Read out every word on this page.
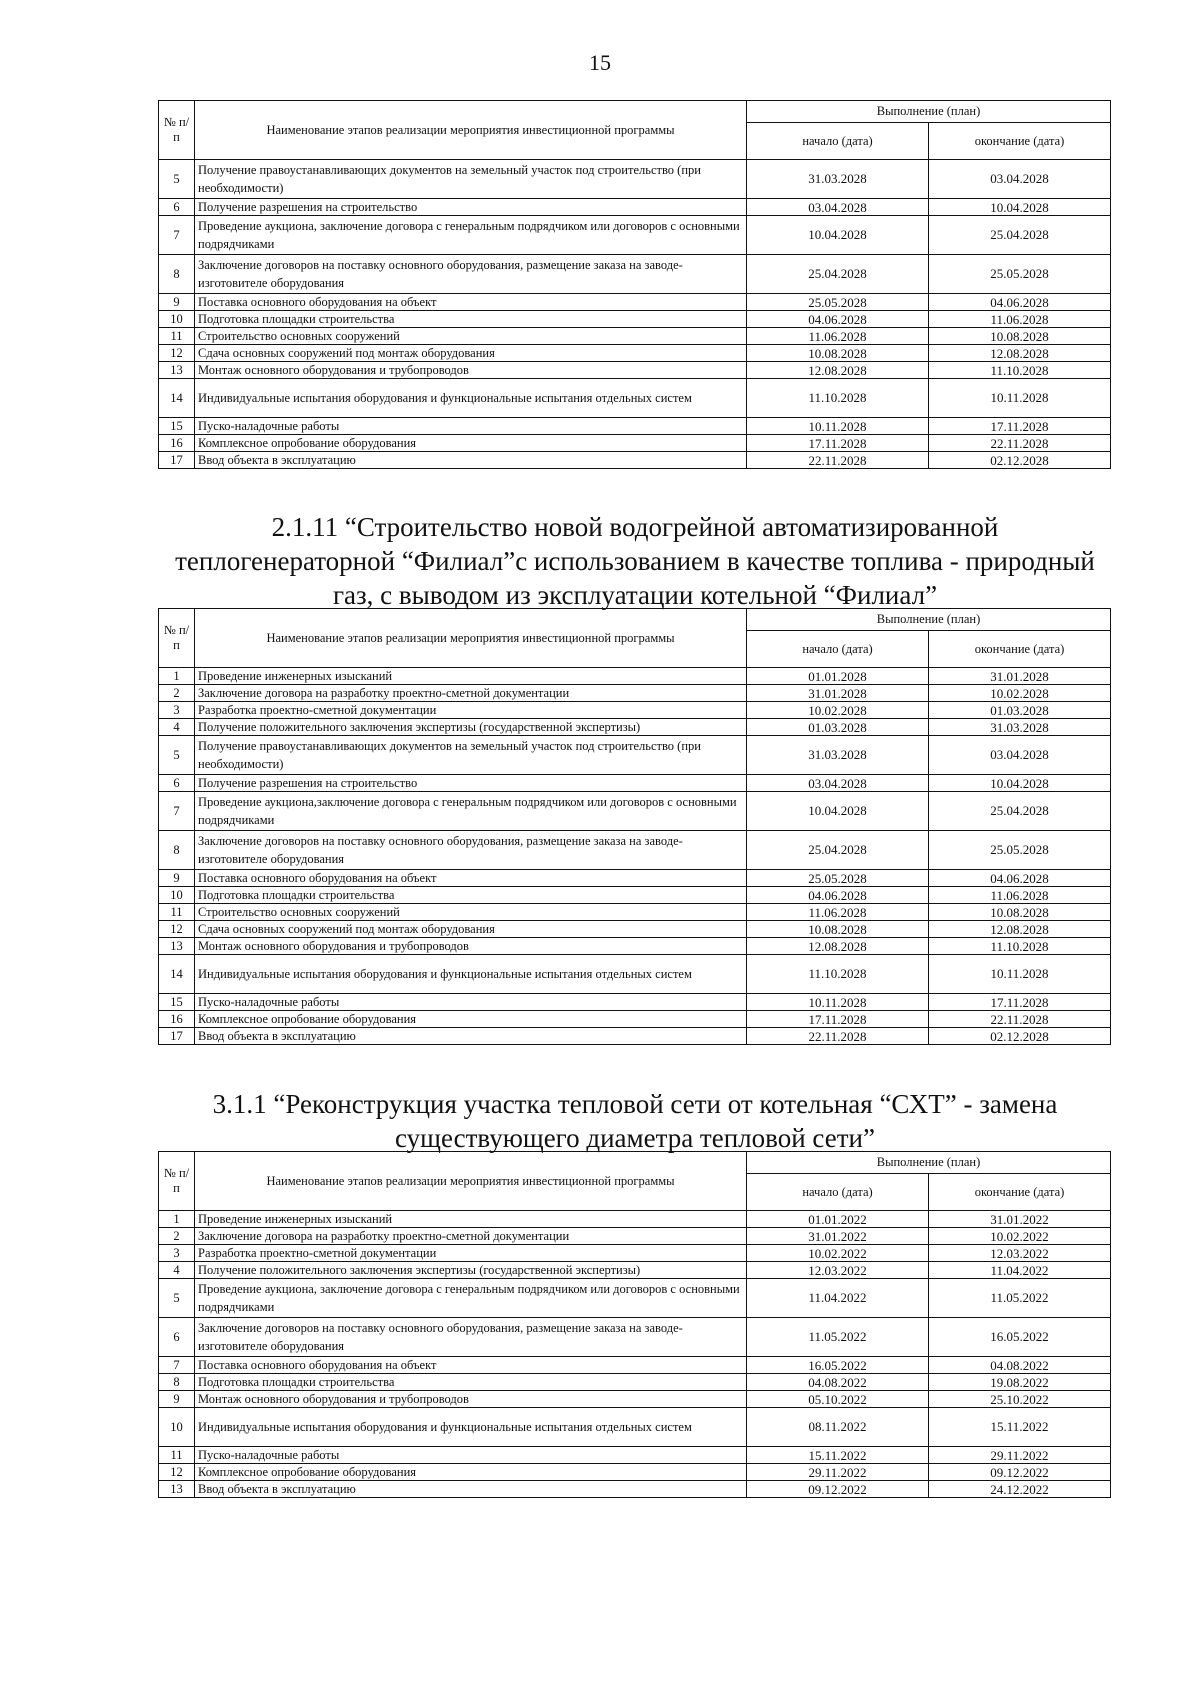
15
№ п/п	Наименование этапов реализации мероприятия инвестиционной программы	Выполнение (план)	
		начало (дата)	окончание (дата)
5	Получение правоустанавливающих документов на земельный участок под строительство (при необходимости)	31.03.2028	03.04.2028
6	Получение разрешения на строительство	03.04.2028	10.04.2028
7	Проведение аукциона, заключение договора с генеральным подрядчиком или договоров с основными подрядчиками	10.04.2028	25.04.2028
8	Заключение договоров на поставку основного оборудования, размещение заказа на заводе-изготовителе оборудования	25.04.2028	25.05.2028
9	Поставка основного оборудования на объект	25.05.2028	04.06.2028
10	Подготовка площадки строительства	04.06.2028	11.06.2028
11	Строительство основных сооружений	11.06.2028	10.08.2028
12	Сдача основных сооружений под монтаж оборудования	10.08.2028	12.08.2028
13	Монтаж основного оборудования и трубопроводов	12.08.2028	11.10.2028
14	Индивидуальные испытания оборудования и функциональные испытания отдельных систем	11.10.2028	10.11.2028
15	Пуско-наладочные работы	10.11.2028	17.11.2028
16	Комплексное опробование оборудования	17.11.2028	22.11.2028
17	Ввод объекта в эксплуатацию	22.11.2028	02.12.2028
2.1.11 “Строительство новой водогрейной автоматизированной
теплогенераторной “Филиал”с использованием в качестве топлива - природный
газ, с выводом из эксплуатации котельной “Филиал”
№ п/п	Наименование этапов реализации мероприятия инвестиционной программы	Выполнение (план)	
		начало (дата)	окончание (дата)
1	Проведение инженерных изысканий	01.01.2028	31.01.2028
2	Заключение договора на разработку проектно-сметной документации	31.01.2028	10.02.2028
3	Разработка проектно-сметной документации	10.02.2028	01.03.2028
4	Получение положительного заключения экспертизы (государственной экспертизы)	01.03.2028	31.03.2028
5	Получение правоустанавливающих документов на земельный участок под строительство (при необходимости)	31.03.2028	03.04.2028
6	Получение разрешения на строительство	03.04.2028	10.04.2028
7	Проведение аукциона,заключение договора с генеральным подрядчиком или договоров с основными подрядчиками	10.04.2028	25.04.2028
8	Заключение договоров на поставку основного оборудования, размещение заказа на заводе-изготовителе оборудования	25.04.2028	25.05.2028
9	Поставка основного оборудования на объект	25.05.2028	04.06.2028
10	Подготовка площадки строительства	04.06.2028	11.06.2028
11	Строительство основных сооружений	11.06.2028	10.08.2028
12	Сдача основных сооружений под монтаж оборудования	10.08.2028	12.08.2028
13	Монтаж основного оборудования и трубопроводов	12.08.2028	11.10.2028
14	Индивидуальные испытания оборудования и функциональные испытания отдельных систем	11.10.2028	10.11.2028
15	Пуско-наладочные работы	10.11.2028	17.11.2028
16	Комплексное опробование оборудования	17.11.2028	22.11.2028
17	Ввод объекта в эксплуатацию	22.11.2028	02.12.2028
3.1.1 “Реконструкция участка тепловой сети от котельная “СХТ” - замена
существующего диаметра тепловой сети”
№ п/п	Наименование этапов реализации мероприятия инвестиционной программы	Выполнение (план)	
		начало (дата)	окончание (дата)
1	Проведение инженерных изысканий	01.01.2022	31.01.2022
2	Заключение договора на разработку проектно-сметной документации	31.01.2022	10.02.2022
3	Разработка проектно-сметной документации	10.02.2022	12.03.2022
4	Получение положительного заключения экспертизы (государственной экспертизы)	12.03.2022	11.04.2022
5	Проведение аукциона, заключение договора с генеральным подрядчиком или договоров с основными подрядчиками	11.04.2022	11.05.2022
6	Заключение договоров на поставку основного оборудования, размещение заказа на заводе-изготовителе оборудования	11.05.2022	16.05.2022
7	Поставка основного оборудования на объект	16.05.2022	04.08.2022
8	Подготовка площадки строительства	04.08.2022	19.08.2022
9	Монтаж основного оборудования и трубопроводов	05.10.2022	25.10.2022
10	Индивидуальные испытания оборудования и функциональные испытания отдельных систем	08.11.2022	15.11.2022
11	Пуско-наладочные работы	15.11.2022	29.11.2022
12	Комплексное опробование оборудования	29.11.2022	09.12.2022
13	Ввод объекта в эксплуатацию	09.12.2022	24.12.2022
